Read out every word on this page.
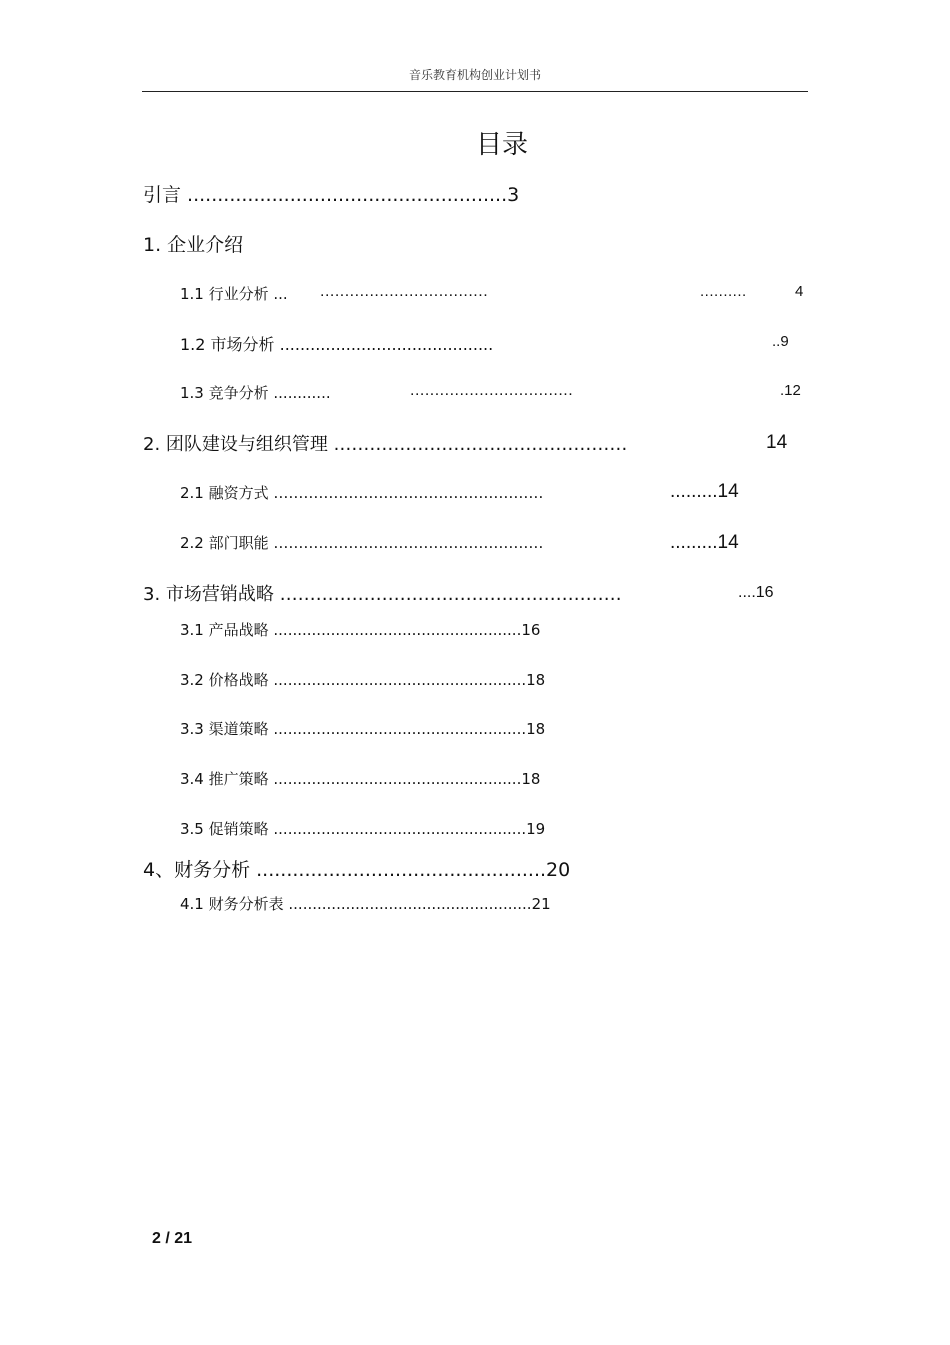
音乐教育机构创业计划书
目录
引言 .....................................................3
1. 企业介绍
1.1 行业分析 ... ..................................	..........	4
1.2 市场分析 ..........................................	..9
1.3 竞争分析 ............	.................................	.12
2. 团队建设与组织管理 .…………………………………………	14
2.1 融资方式 ………………………………………………	.........14
2.2 部门职能 ………………………………………………	.........14
3. 市场营销战略 …………………………………………………	....16
3.1 产品战略 ....................................................16
3.2 价格战略 .....................................................18
3.3 渠道策略 .....................................................18
3.4 推广策略 ....................................................18
3.5 促销策略 .....................................................19
4、财务分析 ................................................20
4.1 财务分析表 ...................................................21
2 / 21
